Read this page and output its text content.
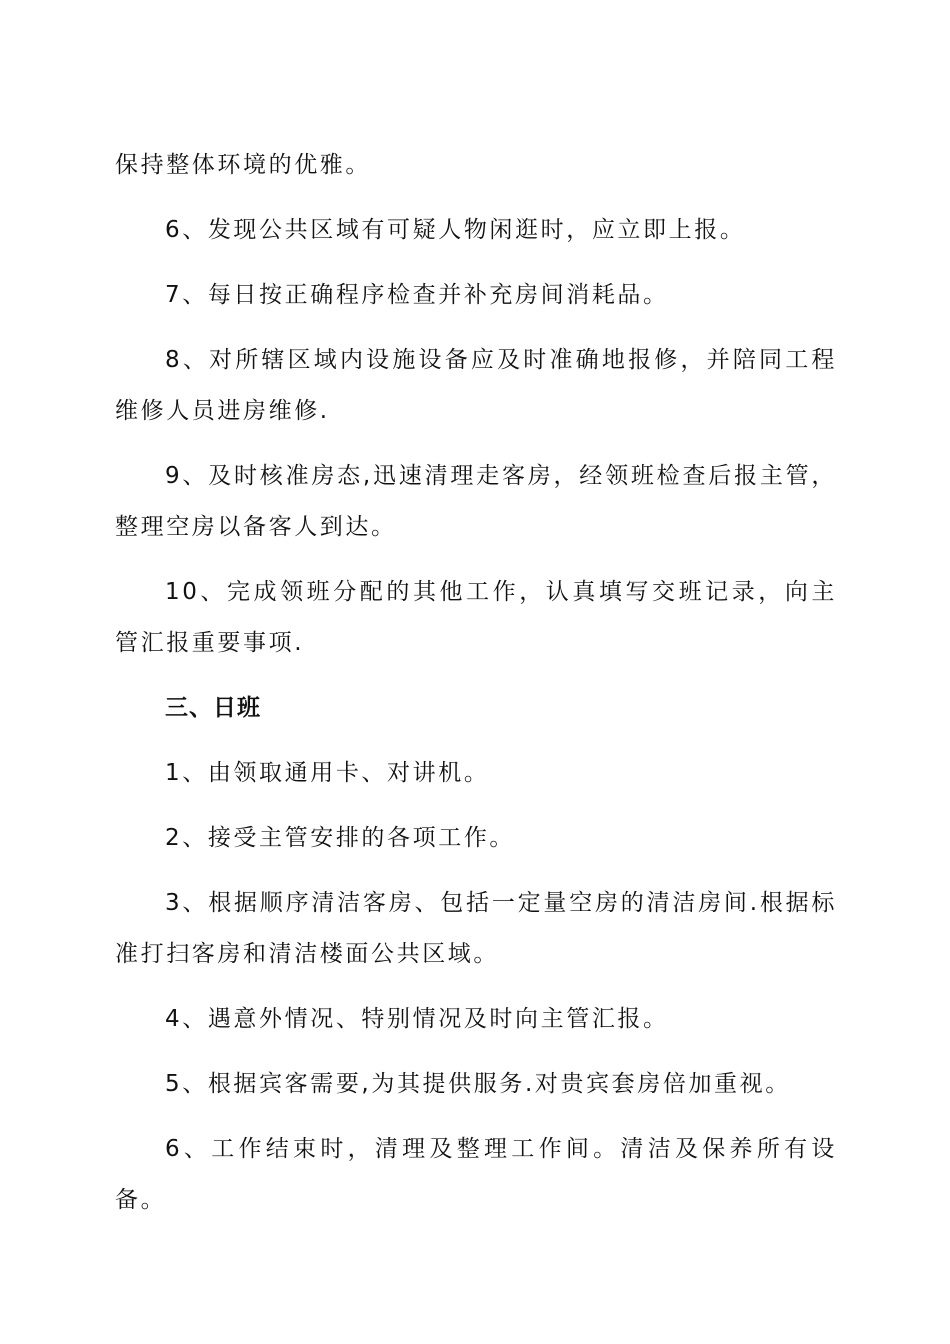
保持整体环境的优雅。

6、发现公共区域有可疑人物闲逛时，应立即上报。

7、每日按正确程序检查并补充房间消耗品。

8、对所辖区域内设施设备应及时准确地报修，并陪同工程维修人员进房维修.

9、及时核准房态,迅速清理走客房，经领班检查后报主管，整理空房以备客人到达。

10、完成领班分配的其他工作，认真填写交班记录，向主管汇报重要事项.

三、日班

1、由领取通用卡、对讲机。

2、接受主管安排的各项工作。

3、根据顺序清洁客房、包括一定量空房的清洁房间.根据标准打扫客房和清洁楼面公共区域。

4、遇意外情况、特别情况及时向主管汇报。

5、根据宾客需要,为其提供服务.对贵宾套房倍加重视。

6、工作结束时，清理及整理工作间。清洁及保养所有设备。
